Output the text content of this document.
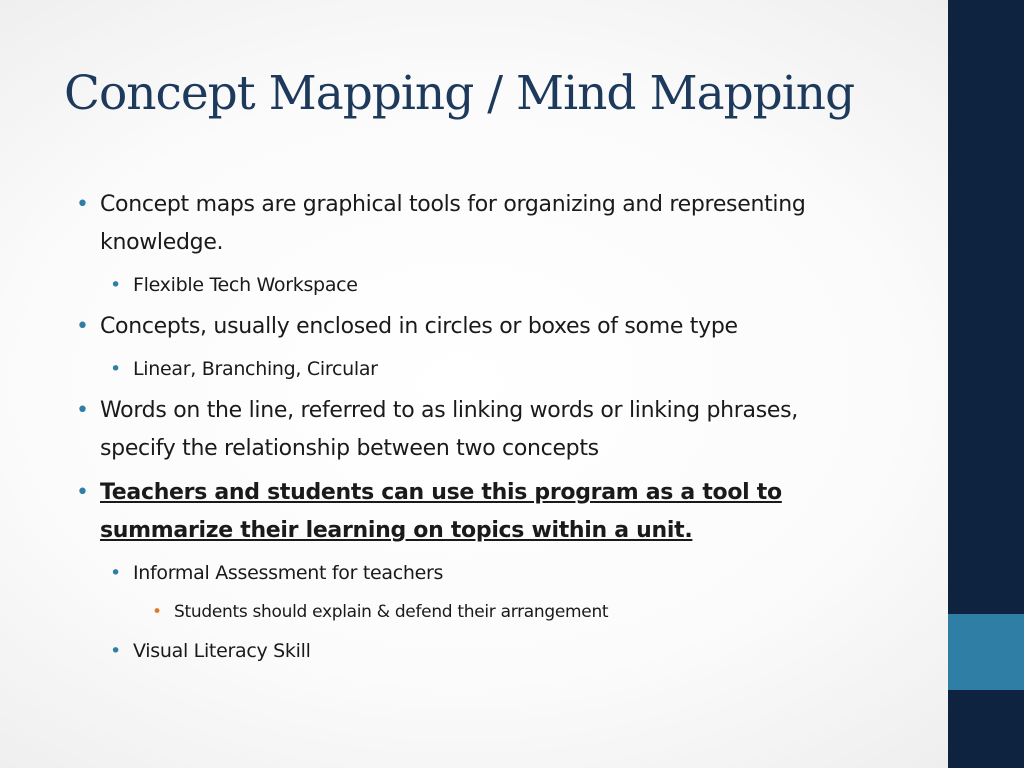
Concept Mapping / Mind Mapping
• Concept maps are graphical tools for organizing and representing knowledge.
• Flexible Tech Workspace
• Concepts, usually enclosed in circles or boxes of some type
• Linear, Branching, Circular
• Words on the line, referred to as linking words or linking phrases, specify the relationship between two concepts
• Teachers and students can use this program as a tool to summarize their learning on topics within a unit.
• Informal Assessment for teachers
• Students should explain & defend their arrangement
• Visual Literacy Skill
